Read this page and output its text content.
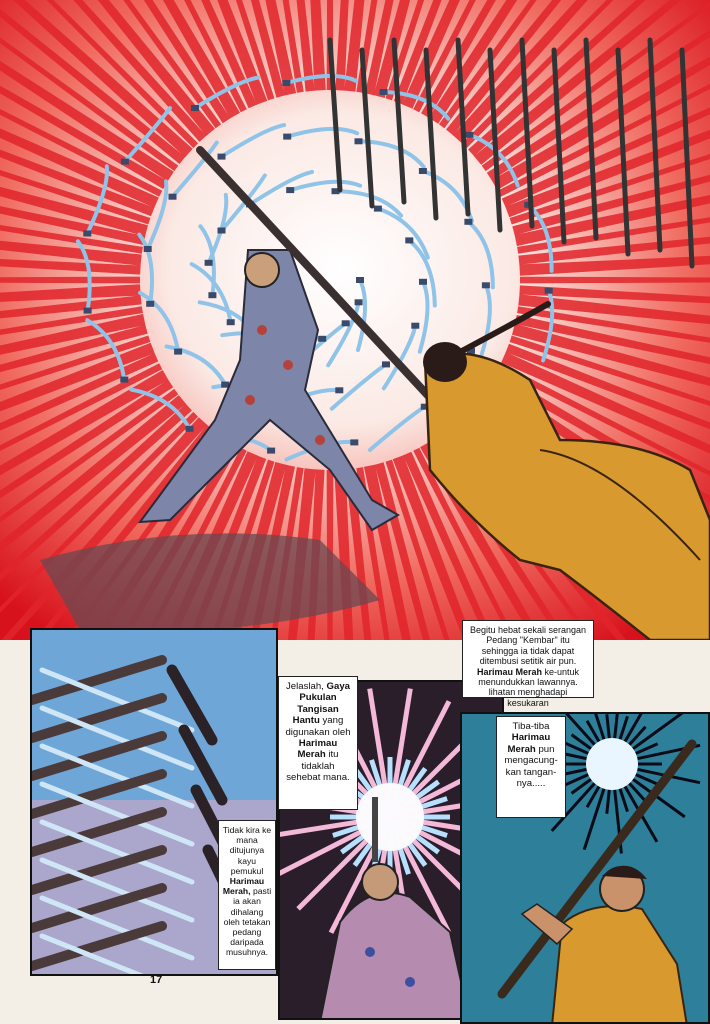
Begitu hebat sekali serangan Pedang "Kembar" itu sehingga ia tidak dapat ditembusi setitik air pun. Harimau Merah ke-untuk menundukkan lawannya. lihatan menghadapi kesukaran
Jelaslah, Gaya Pukulan Tangisan Hantu yang digunakan oleh Harimau Merah itu tidaklah sehebat mana.
Tiba-tiba Harimau Merah pun mengacung-kan tangan-nya.....
Tidak kira ke mana ditujunya kayu pemukul Harimau Merah, pasti ia akan dihalang oleh tetakan pedang daripada musuhnya.
17
